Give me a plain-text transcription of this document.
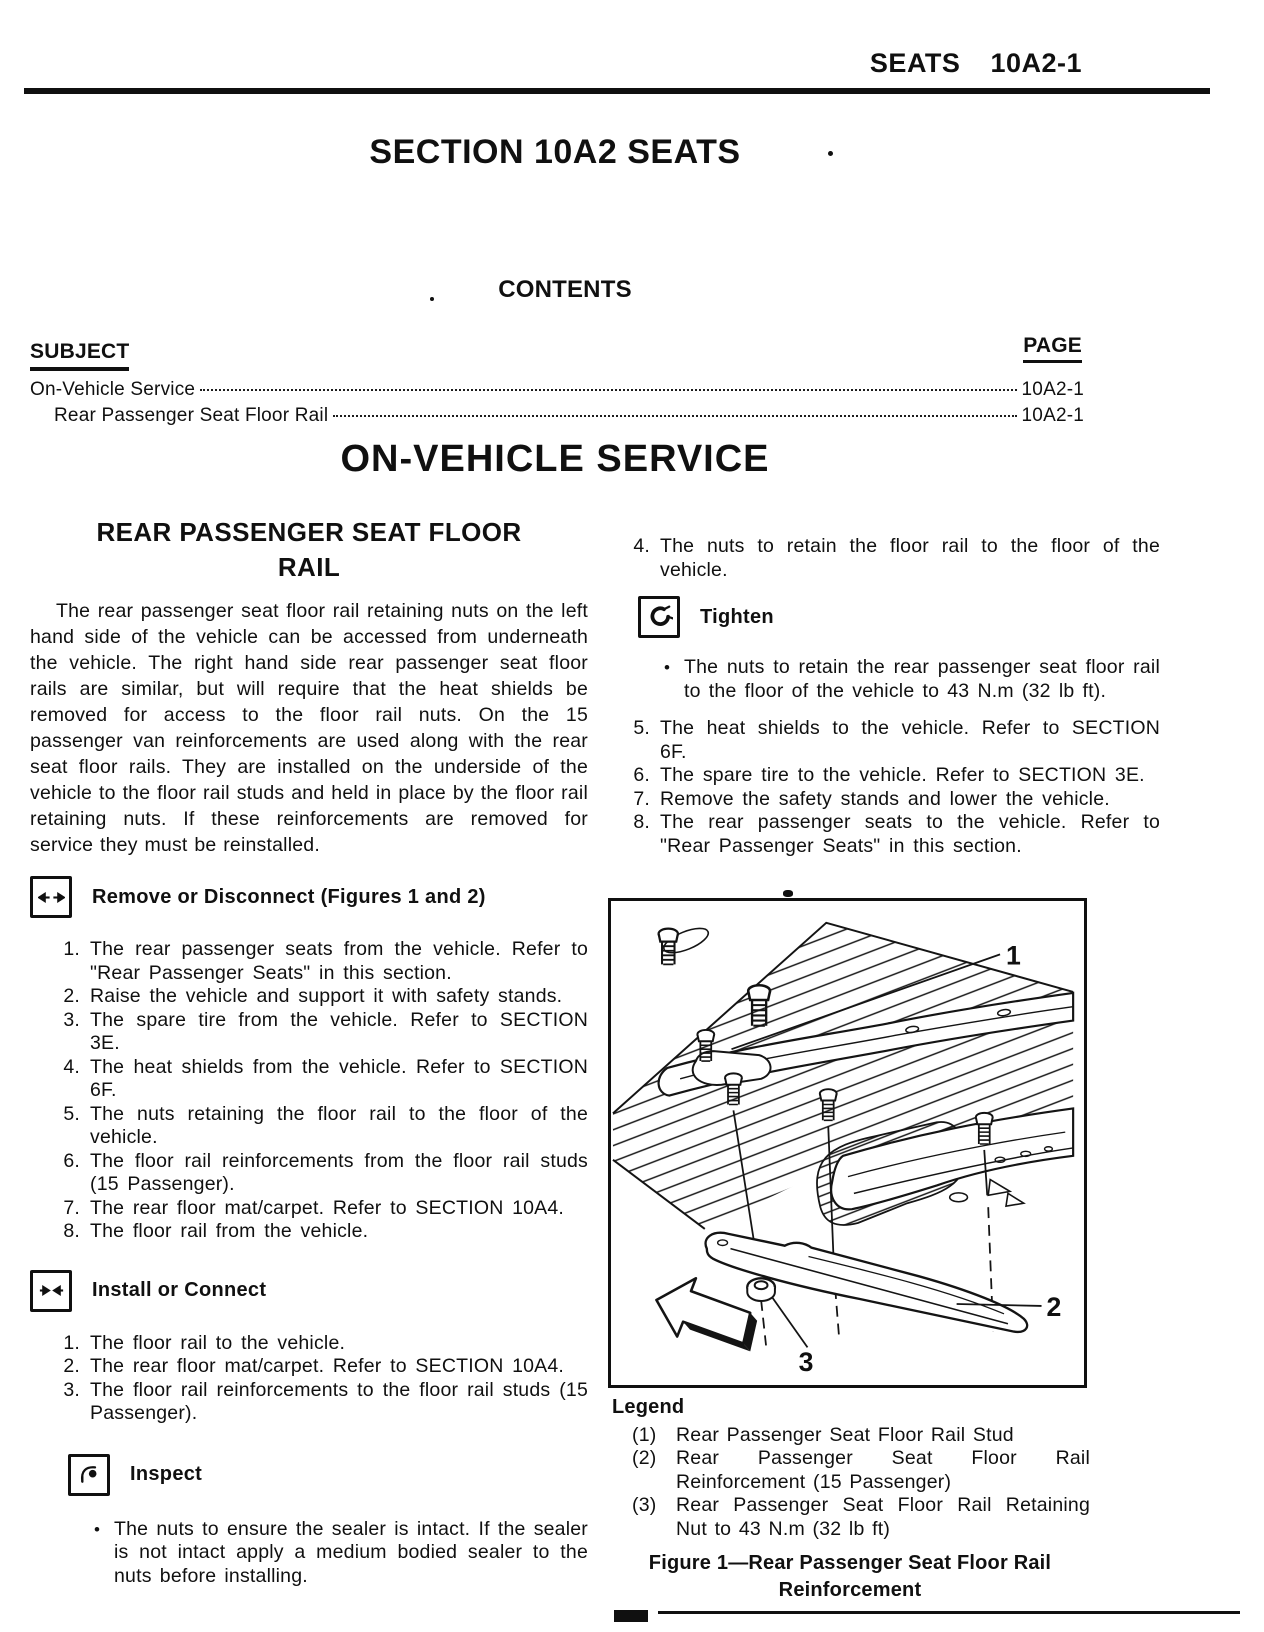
SEATS 10A2-1
SECTION 10A2 SEATS
CONTENTS
SUBJECT	PAGE
On-Vehicle Service	10A2-1
Rear Passenger Seat Floor Rail	10A2-1
ON-VEHICLE SERVICE
REAR PASSENGER SEAT FLOOR RAIL

The rear passenger seat floor rail retaining nuts on the left hand side of the vehicle can be accessed from underneath the vehicle. The right hand side rear passenger seat floor rails are similar, but will require that the heat shields be removed for access to the floor rail nuts. On the 15 passenger van reinforcements are used along with the rear seat floor rails. They are installed on the underside of the vehicle to the floor rail studs and held in place by the floor rail retaining nuts. If these reinforcements are removed for service they must be reinstalled.

Remove or Disconnect (Figures 1 and 2)
1. The rear passenger seats from the vehicle. Refer to "Rear Passenger Seats" in this section.
2. Raise the vehicle and support it with safety stands.
3. The spare tire from the vehicle. Refer to SECTION 3E.
4. The heat shields from the vehicle. Refer to SECTION 6F.
5. The nuts retaining the floor rail to the floor of the vehicle.
6. The floor rail reinforcements from the floor rail studs (15 Passenger).
7. The rear floor mat/carpet. Refer to SECTION 10A4.
8. The floor rail from the vehicle.
Install or Connect
1. The floor rail to the vehicle.
2. The rear floor mat/carpet. Refer to SECTION 10A4.
3. The floor rail reinforcements to the floor rail studs (15 Passenger).
Inspect
•
The nuts to ensure the sealer is intact. If the sealer is not intact apply a medium bodied sealer to the nuts before installing.
4. The nuts to retain the floor rail to the floor of the vehicle.
Tighten
•
The nuts to retain the rear passenger seat floor rail to the floor of the vehicle to 43 N.m (32 lb ft).
5. The heat shields to the vehicle. Refer to SECTION 6F.
6. The spare tire to the vehicle. Refer to SECTION 3E.
7. Remove the safety stands and lower the vehicle.
8. The rear passenger seats to the vehicle. Refer to "Rear Passenger Seats" in this section.
1
2
3
Legend
(1)	Rear Passenger Seat Floor Rail Stud
(2)	Rear Passenger Seat Floor Rail Reinforcement (15 Passenger)
(3)	Rear Passenger Seat Floor Rail Retaining Nut to 43 N.m (32 lb ft)
Figure 1—Rear Passenger Seat Floor Rail Reinforcement
